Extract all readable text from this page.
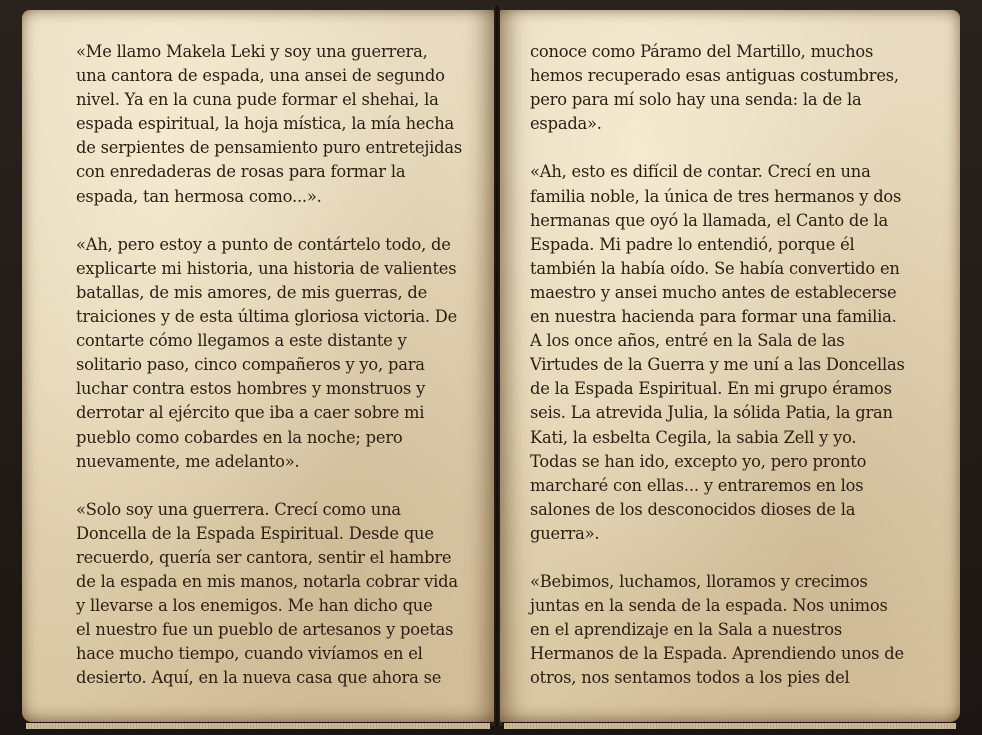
«Me llamo Makela Leki y soy una guerrera,
una cantora de espada, una ansei de segundo
nivel. Ya en la cuna pude formar el shehai, la
espada espiritual, la hoja mística, la mía hecha
de serpientes de pensamiento puro entretejidas
con enredaderas de rosas para formar la
espada, tan hermosa como...».

«Ah, pero estoy a punto de contártelo todo, de
explicarte mi historia, una historia de valientes
batallas, de mis amores, de mis guerras, de
traiciones y de esta última gloriosa victoria. De
contarte cómo llegamos a este distante y
solitario paso, cinco compañeros y yo, para
luchar contra estos hombres y monstruos y
derrotar al ejército que iba a caer sobre mi
pueblo como cobardes en la noche; pero
nuevamente, me adelanto».

«Solo soy una guerrera. Crecí como una
Doncella de la Espada Espiritual. Desde que
recuerdo, quería ser cantora, sentir el hambre
de la espada en mis manos, notarla cobrar vida
y llevarse a los enemigos. Me han dicho que
el nuestro fue un pueblo de artesanos y poetas
hace mucho tiempo, cuando vivíamos en el
desierto. Aquí, en la nueva casa que ahora se

conoce como Páramo del Martillo, muchos
hemos recuperado esas antiguas costumbres,
pero para mí solo hay una senda: la de la
espada».

«Ah, esto es difícil de contar. Crecí en una
familia noble, la única de tres hermanos y dos
hermanas que oyó la llamada, el Canto de la
Espada. Mi padre lo entendió, porque él
también la había oído. Se había convertido en
maestro y ansei mucho antes de establecerse
en nuestra hacienda para formar una familia.
A los once años, entré en la Sala de las
Virtudes de la Guerra y me uní a las Doncellas
de la Espada Espiritual. En mi grupo éramos
seis. La atrevida Julia, la sólida Patia, la gran
Kati, la esbelta Cegila, la sabia Zell y yo.
Todas se han ido, excepto yo, pero pronto
marcharé con ellas... y entraremos en los
salones de los desconocidos dioses de la
guerra».

«Bebimos, luchamos, lloramos y crecimos
juntas en la senda de la espada. Nos unimos
en el aprendizaje en la Sala a nuestros
Hermanos de la Espada. Aprendiendo unos de
otros, nos sentamos todos a los pies del
